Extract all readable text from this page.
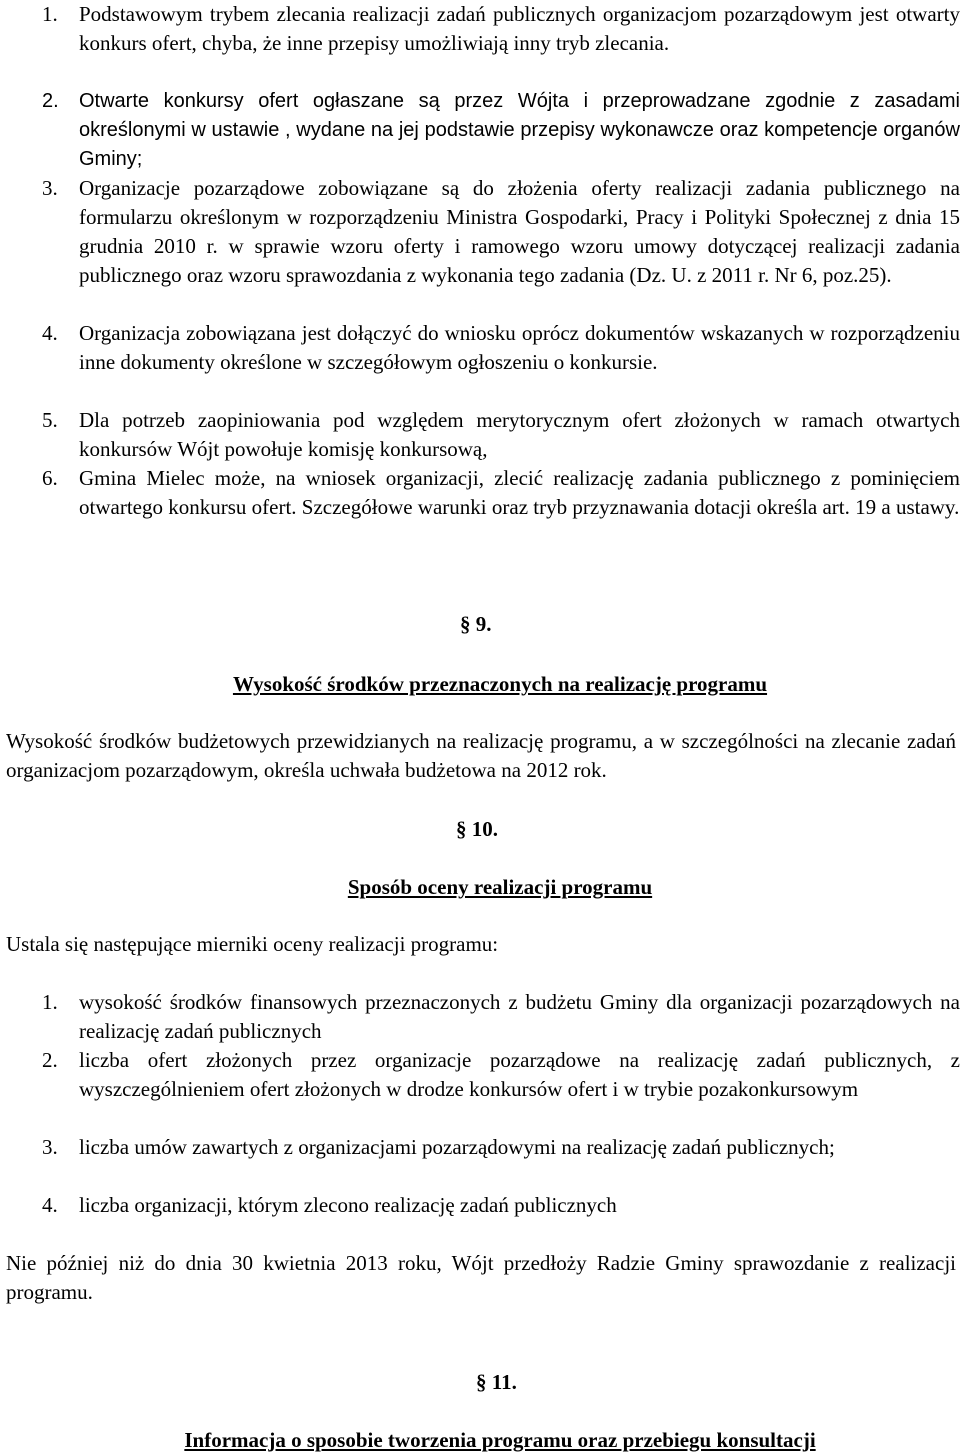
1. Podstawowym trybem zlecania realizacji zadań publicznych organizacjom pozarządowym jest otwarty konkurs ofert, chyba, że inne przepisy umożliwiają inny tryb zlecania.
2. Otwarte konkursy ofert ogłaszane są przez Wójta i przeprowadzane zgodnie z zasadami określonymi w ustawie , wydane na jej podstawie przepisy wykonawcze oraz kompetencje organów Gminy;
3. Organizacje pozarządowe zobowiązane są do złożenia oferty realizacji zadania publicznego na formularzu określonym w rozporządzeniu Ministra Gospodarki, Pracy i Polityki Społecznej z dnia 15 grudnia 2010 r. w sprawie wzoru oferty i ramowego wzoru umowy dotyczącej realizacji zadania publicznego oraz wzoru sprawozdania z wykonania tego zadania (Dz. U. z 2011 r. Nr 6, poz.25).
4. Organizacja zobowiązana jest dołączyć do wniosku oprócz dokumentów wskazanych w rozporządzeniu inne dokumenty określone w szczegółowym ogłoszeniu o konkursie.
5. Dla potrzeb zaopiniowania pod względem merytorycznym ofert złożonych w ramach otwartych konkursów Wójt powołuje komisję konkursową,
6. Gmina Mielec może, na wniosek organizacji, zlecić realizację zadania publicznego z pominięciem otwartego konkursu ofert. Szczegółowe warunki oraz tryb przyznawania dotacji określa art. 19 a ustawy.
§ 9.
Wysokość środków przeznaczonych na realizację programu
Wysokość środków budżetowych przewidzianych na realizację programu, a w szczególności na zlecanie zadań organizacjom pozarządowym, określa uchwała budżetowa na 2012 rok.
§ 10.
Sposób oceny realizacji programu
Ustala się następujące mierniki oceny realizacji programu:
1. wysokość środków finansowych przeznaczonych z budżetu Gminy dla organizacji pozarządowych na realizację zadań publicznych
2. liczba ofert złożonych przez organizacje pozarządowe na realizację zadań publicznych, z wyszczególnieniem ofert złożonych w drodze konkursów ofert i w trybie pozakonkursowym
3. liczba umów zawartych z organizacjami pozarządowymi na realizację zadań publicznych;
4. liczba organizacji, którym zlecono realizację zadań publicznych
Nie później niż do dnia 30 kwietnia 2013 roku, Wójt przedłoży Radzie Gminy sprawozdanie z realizacji programu.
§ 11.
Informacja o sposobie tworzenia programu oraz przebiegu konsultacji
